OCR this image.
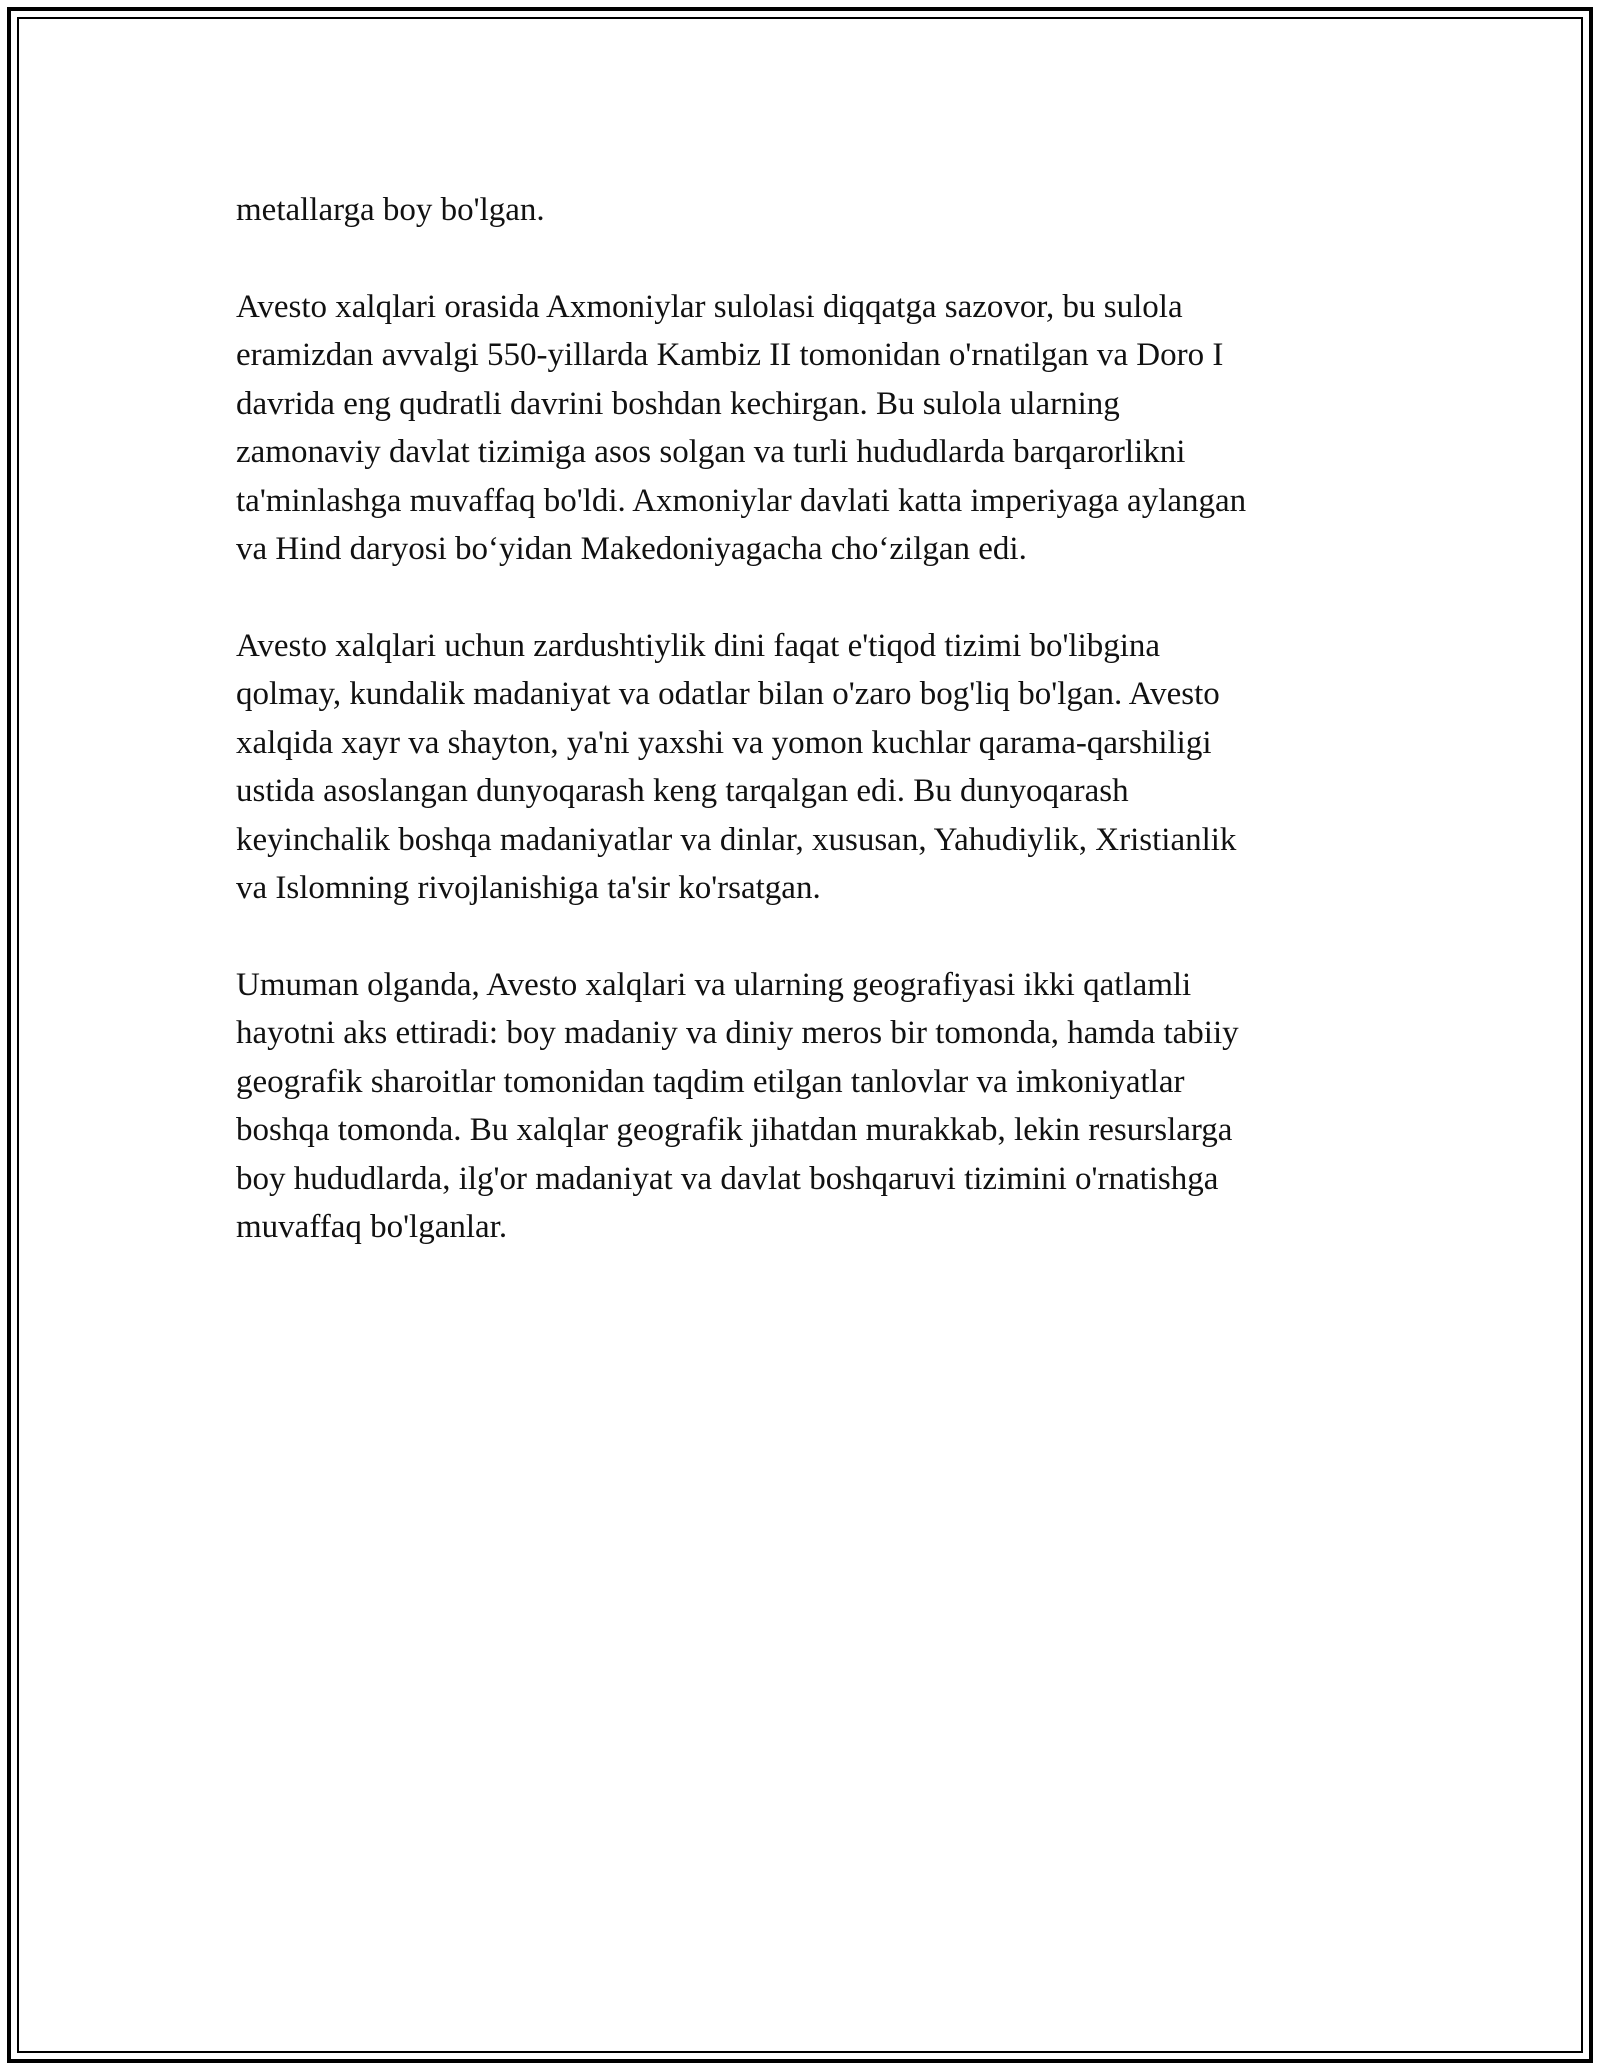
metallarga boy bo'lgan.

Avesto xalqlari orasida Axmoniylar sulolasi diqqatga sazovor, bu sulola
eramizdan avvalgi 550-yillarda Kambiz II tomonidan o'rnatilgan va Doro I
davrida eng qudratli davrini boshdan kechirgan. Bu sulola ularning
zamonaviy davlat tizimiga asos solgan va turli hududlarda barqarorlikni
ta'minlashga muvaffaq bo'ldi. Axmoniylar davlati katta imperiyaga aylangan
va Hind daryosi bo‘yidan Makedoniyagacha cho‘zilgan edi.

Avesto xalqlari uchun zardushtiylik dini faqat e'tiqod tizimi bo'libgina
qolmay, kundalik madaniyat va odatlar bilan o'zaro bog'liq bo'lgan. Avesto
xalqida xayr va shayton, ya'ni yaxshi va yomon kuchlar qarama-qarshiligi
ustida asoslangan dunyoqarash keng tarqalgan edi. Bu dunyoqarash
keyinchalik boshqa madaniyatlar va dinlar, xususan, Yahudiylik, Xristianlik
va Islomning rivojlanishiga ta'sir ko'rsatgan.

Umuman olganda, Avesto xalqlari va ularning geografiyasi ikki qatlamli
hayotni aks ettiradi: boy madaniy va diniy meros bir tomonda, hamda tabiiy
geografik sharoitlar tomonidan taqdim etilgan tanlovlar va imkoniyatlar
boshqa tomonda. Bu xalqlar geografik jihatdan murakkab, lekin resurslarga
boy hududlarda, ilg'or madaniyat va davlat boshqaruvi tizimini o'rnatishga
muvaffaq bo'lganlar.
